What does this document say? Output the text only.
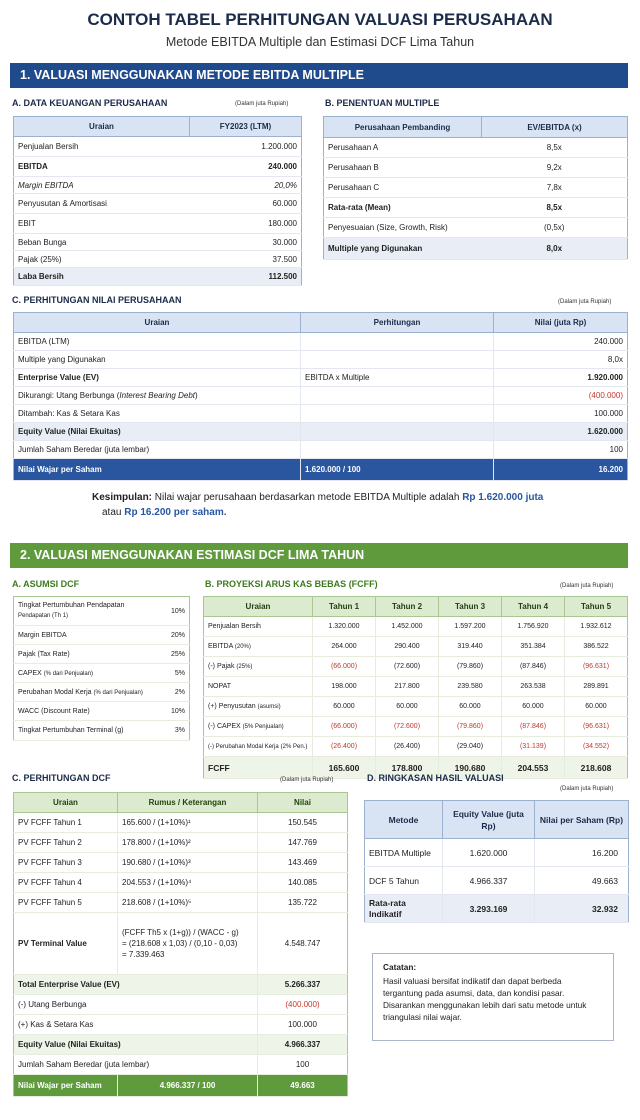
CONTOH TABEL PERHITUNGAN VALUASI PERUSAHAAN
Metode EBITDA Multiple dan Estimasi DCF Lima Tahun
1. VALUASI MENGGUNAKAN METODE EBITDA MULTIPLE
A. DATA KEUANGAN PERUSAHAAN	(Dalam juta Rupiah)
Uraian	FY2023 (LTM)
Penjualan Bersih	1.200.000
EBITDA	240.000
Margin EBITDA	20,0%
Penyusutan & Amortisasi	60.000
EBIT	180.000
Beban Bunga	30.000
Pajak (25%)	37.500
Laba Bersih	112.500
B. PENENTUAN MULTIPLE
Perusahaan Pembanding	EV/EBITDA (x)
Perusahaan A	8,5x
Perusahaan B	9,2x
Perusahaan C	7,8x
Rata-rata (Mean)	8,5x
Penyesuaian (Size, Growth, Risk)	(0,5x)
Multiple yang Digunakan	8,0x
C. PERHITUNGAN NILAI PERUSAHAAN	(Dalam juta Rupiah)
Uraian	Perhitungan	Nilai (juta Rp)
EBITDA (LTM)		240.000
Multiple yang Digunakan		8,0x
Enterprise Value (EV)	EBITDA x Multiple	1.920.000
Dikurangi: Utang Berbunga (Interest Bearing Debt)		(400.000)
Ditambah: Kas & Setara Kas		100.000
Equity Value (Nilai Ekuitas)		1.620.000
Jumlah Saham Beredar (juta lembar)		100
Nilai Wajar per Saham	1.620.000 / 100	16.200
Kesimpulan: Nilai wajar perusahaan berdasarkan metode EBITDA Multiple adalah Rp 1.620.000 juta
atau Rp 16.200 per saham.
2. VALUASI MENGGUNAKAN ESTIMASI DCF LIMA TAHUN
A. ASUMSI DCF
Tingkat Pertumbuhan Pendapatan
Pendapatan (Th 1)	10%
Margin EBITDA	20%
Pajak (Tax Rate)	25%
CAPEX (% dari Penjualan)	5%
Perubahan Modal Kerja (% dari Penjualan)	2%
WACC (Discount Rate)	10%
Tingkat Pertumbuhan Terminal (g)	3%
B. PROYEKSI ARUS KAS BEBAS (FCFF)	(Dalam juta Rupiah)
Uraian	Tahun 1	Tahun 2	Tahun 3	Tahun 4	Tahun 5
Penjualan Bersih	1.320.000	1.452.000	1.597.200	1.756.920	1.932.612
EBITDA (20%)	264.000	290.400	319.440	351.384	386.522
(-) Pajak (25%)	(66.000)	(72.600)	(79.860)	(87.846)	(96.631)
NOPAT	198.000	217.800	239.580	263.538	289.891
(+) Penyusutan (asumsi)	60.000	60.000	60.000	60.000	60.000
(-) CAPEX (5% Penjualan)	(66.000)	(72.600)	(79.860)	(87.846)	(96.631)
(-) Perubahan Modal Kerja (2% Pen.)	(26.400)	(26.400)	(29.040)	(31.139)	(34.552)
FCFF	165.600	178.800	190.680	204.553	218.608
C. PERHITUNGAN DCF	(Dalam juta Rupiah)
Uraian	Rumus / Keterangan	Nilai
PV FCFF Tahun 1	165.600 / (1+10%)¹	150.545
PV FCFF Tahun 2	178.800 / (1+10%)²	147.769
PV FCFF Tahun 3	190.680 / (1+10%)³	143.469
PV FCFF Tahun 4	204.553 / (1+10%)⁴	140.085
PV FCFF Tahun 5	218.608 / (1+10%)⁵	135.722
PV Terminal Value	(FCFF Th5 x (1+g)) / (WACC - g)
= (218.608 x 1,03) / (0,10 - 0,03)
= 7.339.463	4.548.747
Total Enterprise Value (EV)		5.266.337
(-) Utang Berbunga		(400.000)
(+) Kas & Setara Kas		100.000
Equity Value (Nilai Ekuitas)		4.966.337
Jumlah Saham Beredar (juta lembar)		100
Nilai Wajar per Saham	4.966.337 / 100	49.663
D. RINGKASAN HASIL VALUASI
(Dalam juta Rupiah)
Metode	Equity Value (juta Rp)	Nilai per Saham (Rp)
EBITDA Multiple	1.620.000	16.200
DCF 5 Tahun	4.966.337	49.663
Rata-rata Indikatif	3.293.169	32.932
Catatan:
Hasil valuasi bersifat indikatif dan dapat berbeda tergantung pada asumsi, data, dan kondisi pasar. Disarankan menggunakan lebih dari satu metode untuk triangulasi nilai wajar.
